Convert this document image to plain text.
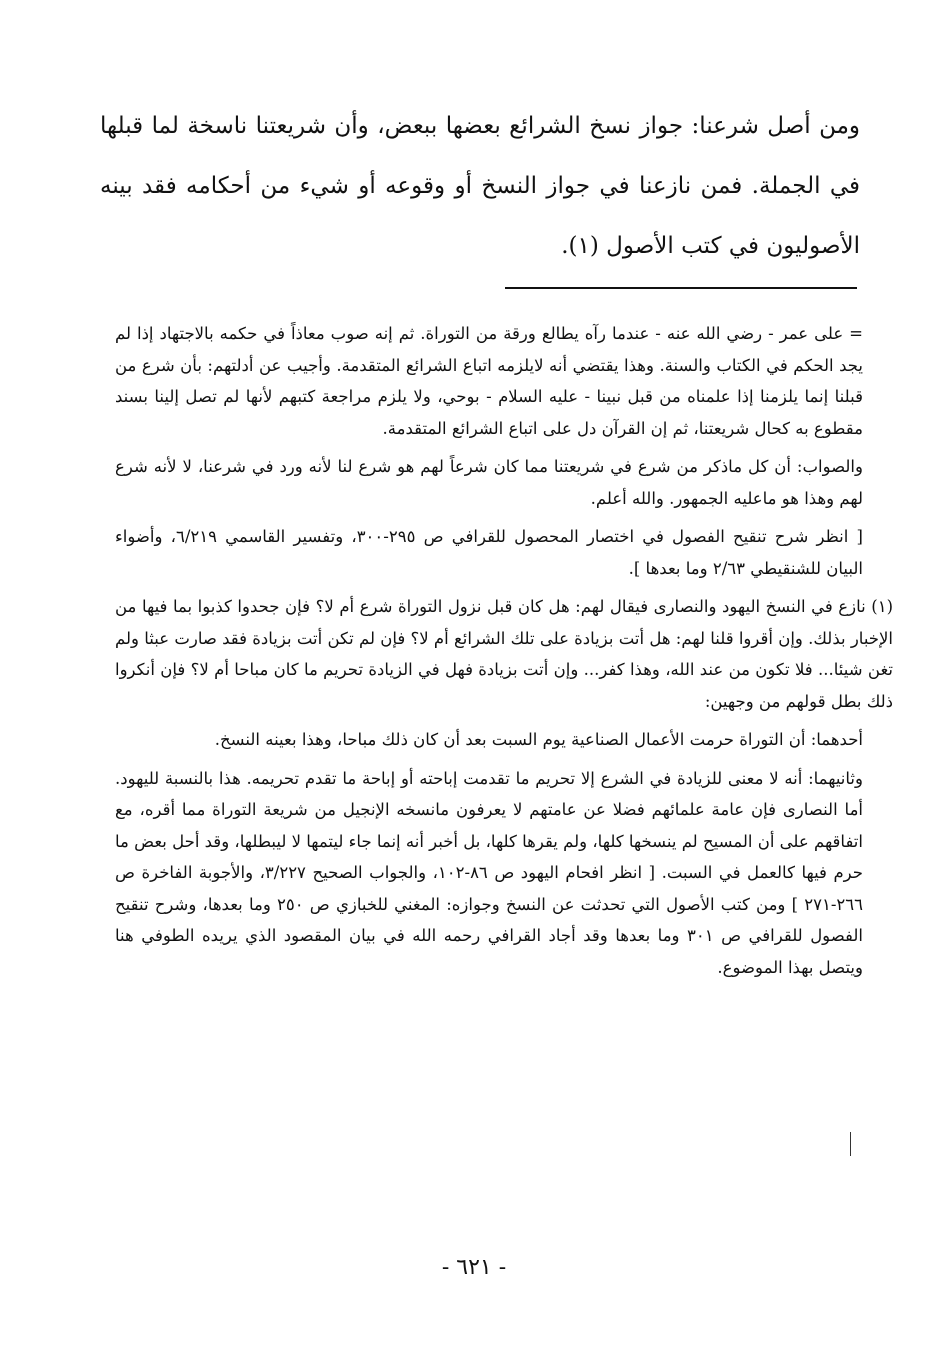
ومن أصل شرعنا: جواز نسخ الشرائع بعضها ببعض، وأن شريعتنا ناسخة لما قبلها في الجملة. فمن نازعنا في جواز النسخ أو وقوعه أو شيء من أحكامه فقد بينه الأصوليون في كتب الأصول (١).

= على عمر - رضي الله عنه - عندما رآه يطالع ورقة من التوراة. ثم إنه صوب معاذاً في حكمه بالاجتهاد إذا لم يجد الحكم في الكتاب والسنة. وهذا يقتضي أنه لايلزمه اتباع الشرائع المتقدمة. وأجيب عن أدلتهم: بأن شرع من قبلنا إنما يلزمنا إذا علمناه من قبل نبينا - عليه السلام - بوحي، ولا يلزم مراجعة كتبهم لأنها لم تصل إلينا بسند مقطوع به كحال شريعتنا، ثم إن القرآن دل على اتباع الشرائع المتقدمة.

والصواب: أن كل ماذكر من شرع في شريعتنا مما كان شرعاً لهم هو شرع لنا لأنه ورد في شرعنا، لا لأنه شرع لهم وهذا هو ماعليه الجمهور. والله أعلم.

[ انظر شرح تنقيح الفصول في اختصار المحصول للقرافي ص ٢٩٥-٣٠٠، وتفسير القاسمي ٦/٢١٩، وأضواء البيان للشنقيطي ٢/٦٣ وما بعدها ].

(١) نازع في النسخ اليهود والنصارى فيقال لهم: هل كان قبل نزول التوراة شرع أم لا؟ فإن جحدوا كذبوا بما فيها من الإخبار بذلك. وإن أقروا قلنا لهم: هل أتت بزيادة على تلك الشرائع أم لا؟ فإن لم تكن أتت بزيادة فقد صارت عبثا ولم تغن شيئا... فلا تكون من عند الله، وهذا كفر... وإن أتت بزيادة فهل في الزيادة تحريم ما كان مباحا أم لا؟ فإن أنكروا ذلك بطل قولهم من وجهين:

أحدهما: أن التوراة حرمت الأعمال الصناعية يوم السبت بعد أن كان ذلك مباحا، وهذا بعينه النسخ.

وثانيهما: أنه لا معنى للزيادة في الشرع إلا تحريم ما تقدمت إباحته أو إباحة ما تقدم تحريمه. هذا بالنسبة لليهود. أما النصارى فإن عامة علمائهم فضلا عن عامتهم لا يعرفون مانسخه الإنجيل من شريعة التوراة مما أقره، مع اتفاقهم على أن المسيح لم ينسخها كلها، ولم يقرها كلها، بل أخبر أنه إنما جاء ليتمها لا ليبطلها، وقد أحل بعض ما حرم فيها كالعمل في السبت. [ انظر افحام اليهود ص ٨٦-١٠٢، والجواب الصحيح ٣/٢٢٧، والأجوبة الفاخرة ص ٢٦٦-٢٧١ ] ومن كتب الأصول التي تحدثت عن النسخ وجوازه: المغني للخبازي ص ٢٥٠ وما بعدها، وشرح تنقيح الفصول للقرافي ص ٣٠١ وما بعدها وقد أجاد القرافي رحمه الله في بيان المقصود الذي يريده الطوفي هنا ويتصل بهذا الموضوع.

- ٦٢١ -
